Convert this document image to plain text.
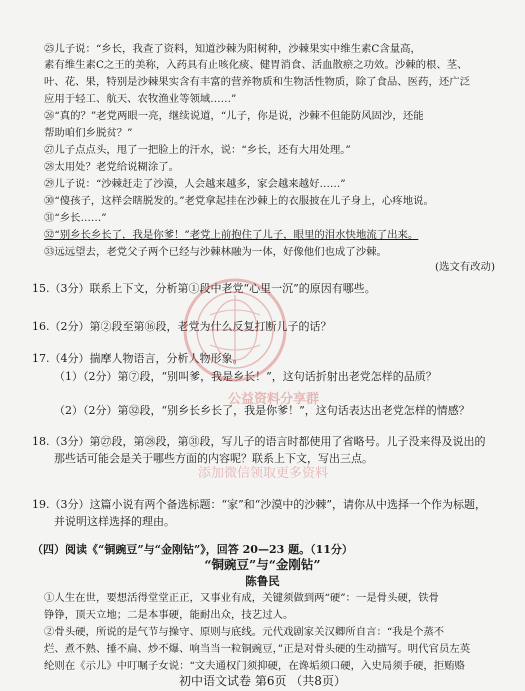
㉕儿子说：“乡长，我查了资料，知道沙棘为阳树种，沙棘果实中维生素C含量高，
素有维生素C之王的美称，入药具有止咳化痰、健胃消食、活血散瘀之功效。沙棘的根、茎、
叶、花、果，特别是沙棘果实含有丰富的营养物质和生物活性物质，除了食品、医药，还广泛
应用于轻工、航天、农牧渔业等领域……”
㉖“真的？”老党两眼一亮，继续说道，“儿子，你是说，沙棘不但能防风固沙，还能
帮助咱们乡脱贫？”
㉗儿子点点头，甩了一把脸上的汗水，说：“乡长，还有大用处理。”
㉘太用处？老党给说糊涂了。
㉙儿子说：“沙棘赶走了沙漠，人会越来越多，家会越来越好……”
㉚“傻孩子，这样会瞎脱发的。”老党拿起挂在沙棘上的衣服披在儿子身上，心疼地说。
㉛“乡长……”
㉜“别乡长乡长了，我是你爹！”老党上前抱住了儿子，眼里的泪水快地流了出来。
㉝远远望去，老党父子两个已经与沙棘林融为一体，好像他们也成了沙棘。
(选文有改动)
15.（3分）联系上下文，分析第①段中老党“心里一沉”的原因有哪些。
16.（2分）第②段至第⑯段，老党为什么反复打断儿子的话？
17.（4分）揣摩人物语言，分析人物形象。
（1）（2分）第⑦段，“别叫爹，我是乡长！”，这句话折射出老党怎样的品质？
（2）（2分）第㉜段，“别乡长乡长了，我是你爹！”，这句话表达出老党怎样的情感？
18.（3分）第㉗段，第㉘段，第㉛段，写儿子的语言时都使用了省略号。儿子没来得及说出的
那些话可能会是关于哪些方面的内容呢？联系上下文，写出三点。
19.（3分）这篇小说有两个备选标题：“家”和“沙漠中的沙棘”，请你从中选择一个作为标题，
并说明这样选择的理由。
（四）阅读《“铜豌豆”与“金刚钻”》，回答 20—23 题。（11分）
“铜豌豆”与“金刚钻”
陈鲁民
①人生在世，要想活得堂堂正正，又事业有成，关键须做到两“硬”：一是骨头硬，铁骨
铮铮，顶天立地；二是本事硬，能耐出众，技艺过人。
②骨头硬，所说的是气节与操守、原则与底线。元代戏剧家关汉卿所自言：“我是个蒸不
烂、煮不熟、捶不扁、炒不爆、响当当一粒铜豌豆，”正是对骨头硬的生动描写。明代官员左英
纶则在《示儿》中叮嘱子女说：“文夫通权门须抑硬，在谗垢须口硬，入史局须手硬，拒贿赂
初中语文试卷 第6页 （共8页）
公益资料分享群
添加微信领取更多资料
